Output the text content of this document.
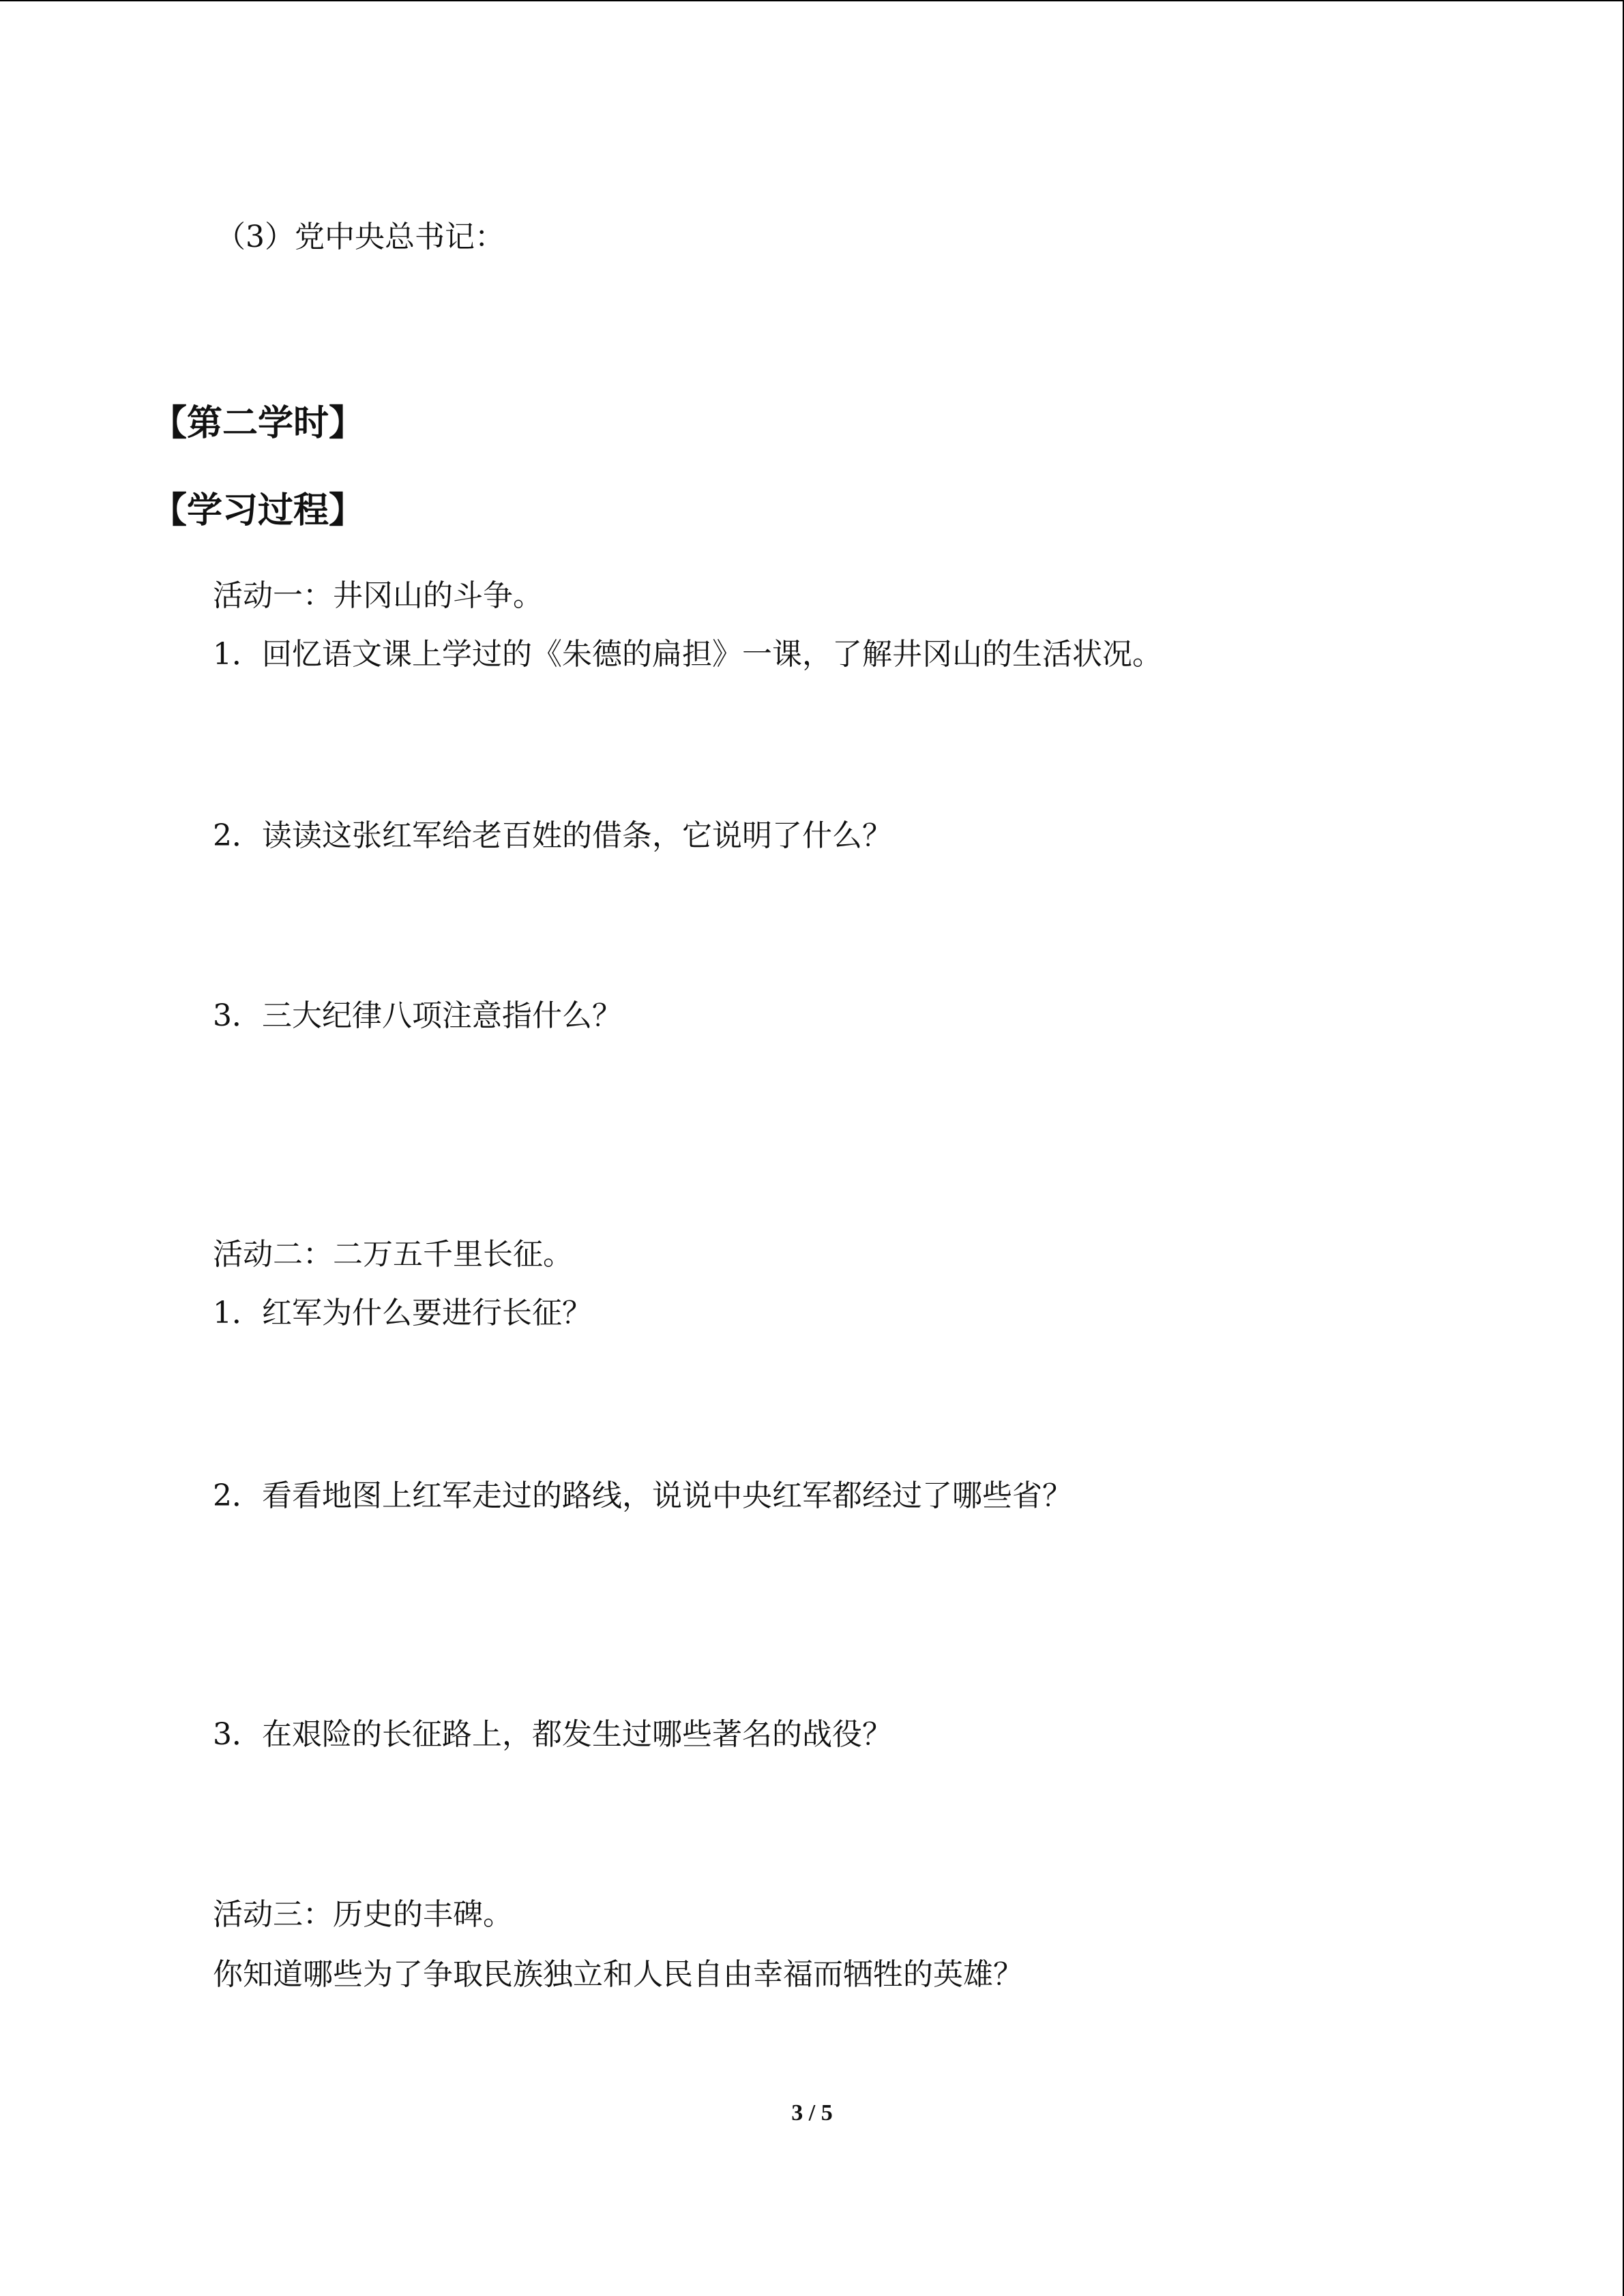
（3）党中央总书记：
【第二学时】
【学习过程】
活动一：井冈山的斗争。
1．回忆语文课上学过的《朱德的扁担》一课，了解井冈山的生活状况。
2．读读这张红军给老百姓的借条，它说明了什么？
3．三大纪律八项注意指什么？
活动二：二万五千里长征。
1．红军为什么要进行长征？
2．看看地图上红军走过的路线，说说中央红军都经过了哪些省？
3．在艰险的长征路上，都发生过哪些著名的战役？
活动三：历史的丰碑。
你知道哪些为了争取民族独立和人民自由幸福而牺牲的英雄？
3 / 5
